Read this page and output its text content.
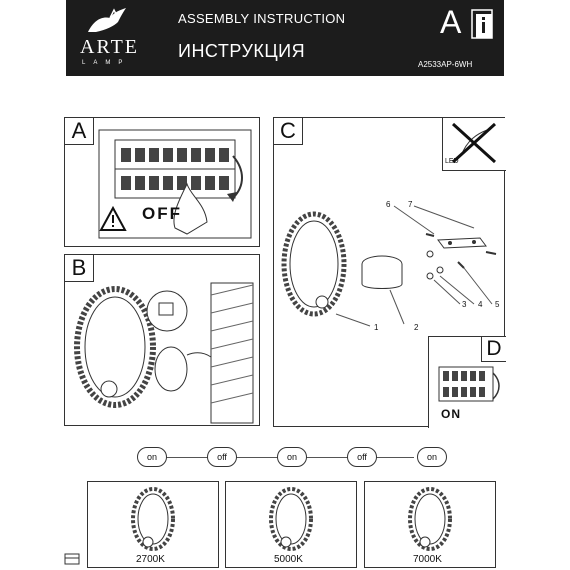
ARTE
LAMP
ASSEMBLY INSTRUCTION
ИНСТРУКЦИЯ
A
A2533AP-6WH
A
OFF
B
C
LED
6 7
1	2
3 4 5
D
ON
on	off	on	off	on
2700K	5000K	7000K
